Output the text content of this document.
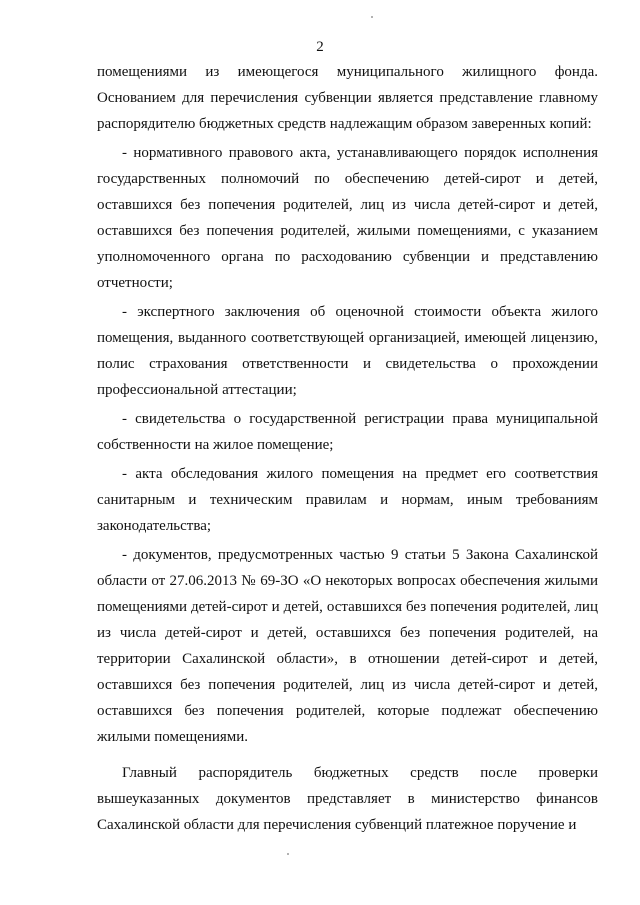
2

помещениями из имеющегося муниципального жилищного фонда. Основанием для перечисления субвенции является представление главному распорядителю бюджетных средств надлежащим образом заверенных копий:

- нормативного правового акта, устанавливающего порядок исполнения государственных полномочий по обеспечению детей-сирот и детей, оставшихся без попечения родителей, лиц из числа детей-сирот и детей, оставшихся без попечения родителей, жилыми помещениями, с указанием уполномоченного органа по расходованию субвенции и представлению отчетности;

- экспертного заключения об оценочной стоимости объекта жилого помещения, выданного соответствующей организацией, имеющей лицензию, полис страхования ответственности и свидетельства о прохождении профессиональной аттестации;

- свидетельства о государственной регистрации права муниципальной собственности на жилое помещение;

- акта обследования жилого помещения на предмет его соответствия санитарным и техническим правилам и нормам, иным требованиям законодательства;

- документов, предусмотренных частью 9 статьи 5 Закона Сахалинской области от 27.06.2013 № 69-ЗО «О некоторых вопросах обеспечения жилыми помещениями детей-сирот и детей, оставшихся без попечения родителей, лиц из числа детей-сирот и детей, оставшихся без попечения родителей, на территории Сахалинской области», в отношении детей-сирот и детей, оставшихся без попечения родителей, лиц из числа детей-сирот и детей, оставшихся без попечения родителей, которые подлежат обеспечению жилыми помещениями.

Главный распорядитель бюджетных средств после проверки вышеуказанных документов представляет в министерство финансов Сахалинской области для перечисления субвенций платежное поручение и
